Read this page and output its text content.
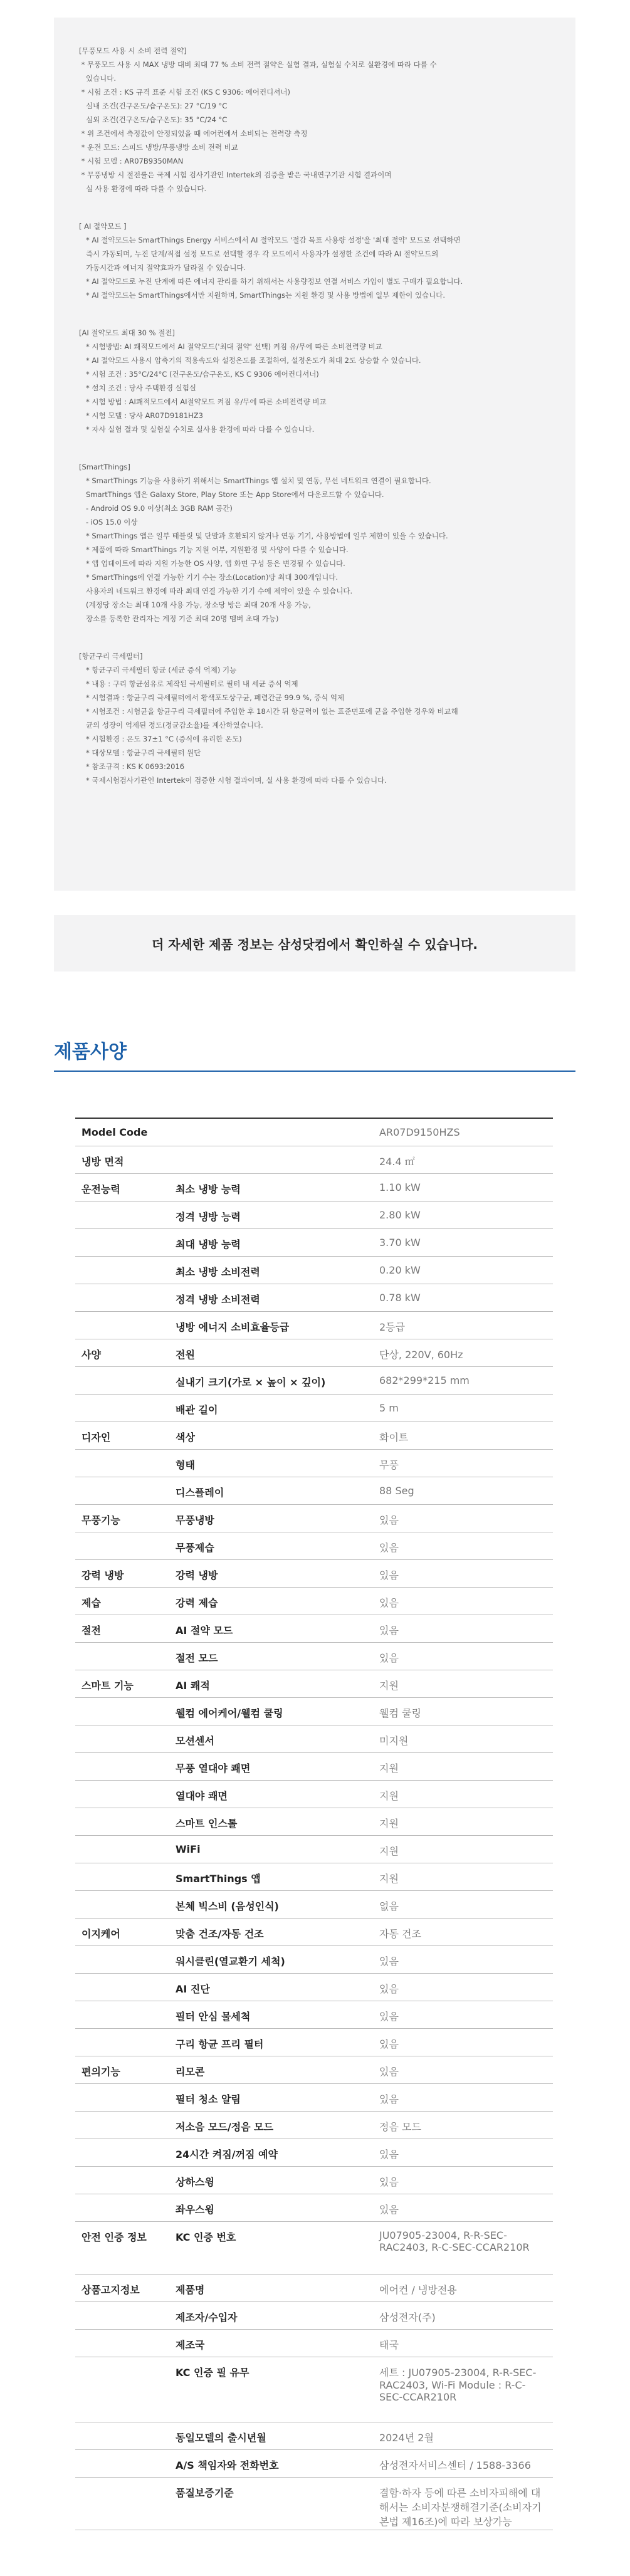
[무풍모드 사용 시 소비 전력 절약]
* 무풍모드 사용 시 MAX 냉방 대비 최대 77 % 소비 전력 절약은 실험 결과, 실험실 수치로 실환경에 따라 다를 수
있습니다.
* 시험 조건 : KS 규격 표준 시험 조건 (KS C 9306: 에어컨디셔너)
실내 조건(건구온도/습구온도): 27 °C/19 °C
실외 조건(건구온도/습구온도): 35 °C/24 °C
* 위 조건에서 측정값이 안정되었을 때 에어컨에서 소비되는 전력량 측정
* 운전 모드: 스피드 냉방/무풍냉방 소비 전력 비교
* 시험 모델 : AR07B9350MAN
* 무풍냉방 시 절전률은 국제 시험 검사기관인 Intertek의 검증을 받은 국내연구기관 시험 결과이며
실 사용 환경에 따라 다를 수 있습니다.
[ AI 절약모드 ]
* AI 절약모드는 SmartThings Energy 서비스에서 AI 절약모드 '절감 목표 사용량 설정'을 '최대 절약' 모드로 선택하면
즉시 가동되며, 누진 단계/직접 설정 모드로 선택할 경우 각 모드에서 사용자가 설정한 조건에 따라 AI 절약모드의
가동시간과 에너지 절약효과가 달라질 수 있습니다.
* AI 절약모드로 누진 단계에 따른 에너지 관리를 하기 위해서는 사용량정보 연결 서비스 가입이 별도 구매가 필요합니다.
* AI 절약모드는 SmartThings에서만 지원하며, SmartThings는 지원 환경 및 사용 방법에 일부 제한이 있습니다.
[AI 절약모드 최대 30 % 절전]
* 시험방법: AI 쾌적모드에서 AI 절약모드('최대 절약' 선택) 켜짐 유/무에 따른 소비전력량 비교
* AI 절약모드 사용시 압축기의 적용속도와 설정온도를 조절하여, 설정온도가 최대 2도 상승할 수 있습니다.
* 시험 조건 : 35°C/24°C (건구온도/습구온도, KS C 9306 에어컨디셔너)
* 설치 조건 : 당사 주택환경 실험실
* 시험 방법 : AI쾌적모드에서 AI절약모드 켜짐 유/무에 따른 소비전력량 비교
* 시험 모델 : 당사 AR07D9181HZ3
* 자사 실험 결과 및 실험실 수치로 실사용 환경에 따라 다를 수 있습니다.
[SmartThings]
* SmartThings 기능을 사용하기 위해서는 SmartThings 앱 설치 및 연동, 무선 네트워크 연결이 필요합니다.
SmartThings 앱은 Galaxy Store, Play Store 또는 App Store에서 다운로드할 수 있습니다.
- Android OS 9.0 이상(최소 3GB RAM 공간)
- iOS 15.0 이상
* SmartThings 앱은 일부 태블릿 및 단말과 호환되지 않거나 연동 기기, 사용방법에 일부 제한이 있을 수 있습니다.
* 제품에 따라 SmartThings 기능 지원 여부, 지원환경 및 사양이 다를 수 있습니다.
* 앱 업데이트에 따라 지원 가능한 OS 사양, 앱 화면 구성 등은 변경될 수 있습니다.
* SmartThings에 연결 가능한 기기 수는 장소(Location)당 최대 300개입니다.
사용자의 네트워크 환경에 따라 최대 연결 가능한 기기 수에 제약이 있을 수 있습니다.
(계정당 장소는 최대 10개 사용 가능, 장소당 방은 최대 20개 사용 가능,
장소를 등록한 관리자는 계정 기준 최대 20명 멤버 초대 가능)
[항균구리 극세필터]
* 항균구리 극세필터 항균 (세균 증식 억제) 기능
* 내용 : 구리 항균섬유로 제작된 극세필터로 필터 내 세균 증식 억제
* 시험결과 : 항균구리 극세필터에서 황색포도상구균, 폐렴간균 99.9 %, 증식 억제
* 시험조건 : 시험균을 항균구리 극세필터에 주입한 후 18시간 뒤 항균력이 없는 표준면포에 균을 주입한 경우와 비교해
균의 성장이 억제된 정도(정균감소율)를 계산하였습니다.
* 시험환경 : 온도 37±1 °C (증식에 유리한 온도)
* 대상모델 : 항균구리 극세필터 원단
* 참조규격 : KS K 0693:2016
* 국제시험검사기관인 Intertek이 검증한 시험 결과이며, 실 사용 환경에 따라 다를 수 있습니다.
더 자세한 제품 정보는 삼성닷컴에서 확인하실 수 있습니다.
제품사양
Model Code		AR07D9150HZS
냉방 면적		24.4 ㎡
운전능력	최소 냉방 능력	1.10 kW
	정격 냉방 능력	2.80 kW
	최대 냉방 능력	3.70 kW
	최소 냉방 소비전력	0.20 kW
	정격 냉방 소비전력	0.78 kW
	냉방 에너지 소비효율등급	2등급
사양	전원	단상, 220V, 60Hz
	실내기 크기(가로 × 높이 × 깊이)	682*299*215 mm
	배관 길이	5 m
디자인	색상	화이트
	형태	무풍
	디스플레이	88 Seg
무풍기능	무풍냉방	있음
	무풍제습	있음
강력 냉방	강력 냉방	있음
제습	강력 제습	있음
절전	AI 절약 모드	있음
	절전 모드	있음
스마트 기능	AI 쾌적	지원
	웰컴 에어케어/웰컴 쿨링	웰컴 쿨링
	모션센서	미지원
	무풍 열대야 쾌면	지원
	열대야 쾌면	지원
	스마트 인스톨	지원
	WiFi	지원
	SmartThings 앱	지원
	본체 빅스비 (음성인식)	없음
이지케어	맞춤 건조/자동 건조	자동 건조
	워시클린(열교환기 세척)	있음
	AI 진단	있음
	필터 안심 물세척	있음
	구리 항균 프리 필터	있음
편의기능	리모콘	있음
	필터 청소 알림	있음
	저소음 모드/정음 모드	정음 모드
	24시간 켜짐/꺼짐 예약	있음
	상하스윙	있음
	좌우스윙	있음
안전 인증 정보	KC 인증 번호	JU07905-23004, R-R-SEC-RAC2403, R-C-SEC-CCAR210R
상품고지정보	제품명	에어컨 / 냉방전용
	제조자/수입자	삼성전자(주)
	제조국	태국
	KC 인증 필 유무	세트 : JU07905-23004, R-R-SEC-RAC2403, Wi-Fi Module : R-C-SEC-CCAR210R
	동일모델의 출시년월	2024년 2월
	A/S 책임자와 전화번호	삼성전자서비스센터 / 1588-3366
	품질보증기준	결함·하자 등에 따른 소비자피해에 대해서는 소비자분쟁해결기준(소비자기본법 제16조)에 따라 보상가능
